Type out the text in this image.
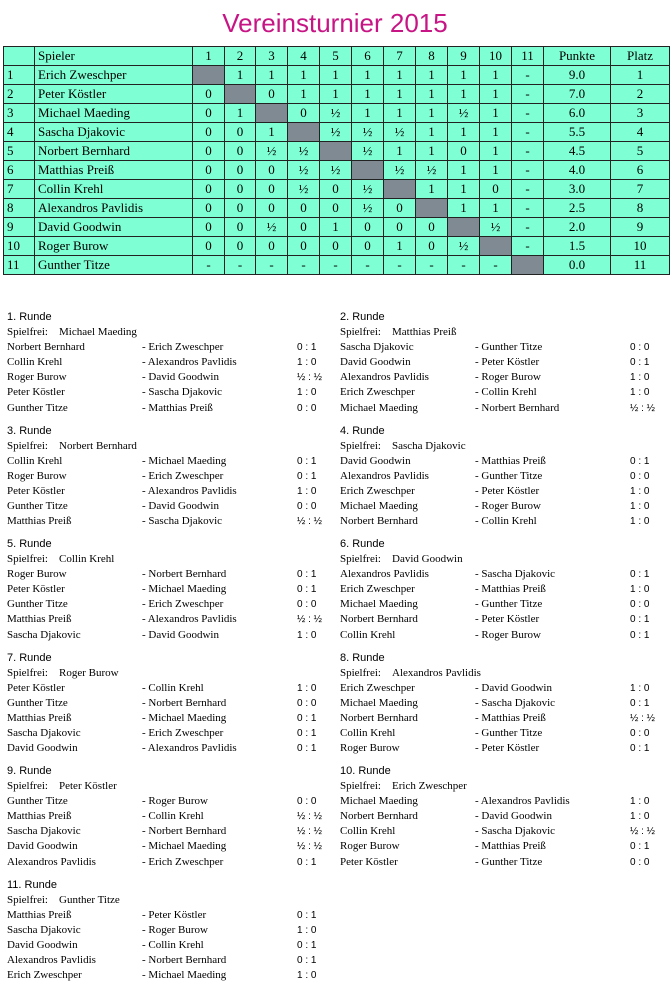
Vereinsturnier 2015
	Spieler	1	2	3	4	5	6	7	8	9	10	11	Punkte	Platz
1	Erich Zweschper		1	1	1	1	1	1	1	1	1	-	9.0	1
2	Peter Köstler	0		0	1	1	1	1	1	1	1	-	7.0	2
3	Michael Maeding	0	1		0	½	1	1	1	½	1	-	6.0	3
4	Sascha Djakovic	0	0	1		½	½	½	1	1	1	-	5.5	4
5	Norbert Bernhard	0	0	½	½		½	1	1	0	1	-	4.5	5
6	Matthias Preiß	0	0	0	½	½		½	½	1	1	-	4.0	6
7	Collin Krehl	0	0	0	½	0	½		1	1	0	-	3.0	7
8	Alexandros Pavlidis	0	0	0	0	0	½	0		1	1	-	2.5	8
9	David Goodwin	0	0	½	0	1	0	0	0		½	-	2.0	9
10	Roger Burow	0	0	0	0	0	0	1	0	½		-	1.5	10
11	Gunther Titze	-	-	-	-	-	-	-	-	-	-		0.0	11
1. Runde
Spielfrei: Michael Maeding
Norbert Bernhard	- Erich Zweschper	0 : 1
Collin Krehl	- Alexandros Pavlidis	1 : 0
Roger Burow	- David Goodwin	½ : ½
Peter Köstler	- Sascha Djakovic	1 : 0
Gunther Titze	- Matthias Preiß	0 : 0
2. Runde
Spielfrei: Matthias Preiß
Sascha Djakovic	- Gunther Titze	0 : 0
David Goodwin	- Peter Köstler	0 : 1
Alexandros Pavlidis	- Roger Burow	1 : 0
Erich Zweschper	- Collin Krehl	1 : 0
Michael Maeding	- Norbert Bernhard	½ : ½
3. Runde
Spielfrei: Norbert Bernhard
Collin Krehl	- Michael Maeding	0 : 1
Roger Burow	- Erich Zweschper	0 : 1
Peter Köstler	- Alexandros Pavlidis	1 : 0
Gunther Titze	- David Goodwin	0 : 0
Matthias Preiß	- Sascha Djakovic	½ : ½
4. Runde
Spielfrei: Sascha Djakovic
David Goodwin	- Matthias Preiß	0 : 1
Alexandros Pavlidis	- Gunther Titze	0 : 0
Erich Zweschper	- Peter Köstler	1 : 0
Michael Maeding	- Roger Burow	1 : 0
Norbert Bernhard	- Collin Krehl	1 : 0
5. Runde
Spielfrei: Collin Krehl
Roger Burow	- Norbert Bernhard	0 : 1
Peter Köstler	- Michael Maeding	0 : 1
Gunther Titze	- Erich Zweschper	0 : 0
Matthias Preiß	- Alexandros Pavlidis	½ : ½
Sascha Djakovic	- David Goodwin	1 : 0
6. Runde
Spielfrei: David Goodwin
Alexandros Pavlidis	- Sascha Djakovic	0 : 1
Erich Zweschper	- Matthias Preiß	1 : 0
Michael Maeding	- Gunther Titze	0 : 0
Norbert Bernhard	- Peter Köstler	0 : 1
Collin Krehl	- Roger Burow	0 : 1
7. Runde
Spielfrei: Roger Burow
Peter Köstler	- Collin Krehl	1 : 0
Gunther Titze	- Norbert Bernhard	0 : 0
Matthias Preiß	- Michael Maeding	0 : 1
Sascha Djakovic	- Erich Zweschper	0 : 1
David Goodwin	- Alexandros Pavlidis	0 : 1
8. Runde
Spielfrei: Alexandros Pavlidis
Erich Zweschper	- David Goodwin	1 : 0
Michael Maeding	- Sascha Djakovic	0 : 1
Norbert Bernhard	- Matthias Preiß	½ : ½
Collin Krehl	- Gunther Titze	0 : 0
Roger Burow	- Peter Köstler	0 : 1
9. Runde
Spielfrei: Peter Köstler
Gunther Titze	- Roger Burow	0 : 0
Matthias Preiß	- Collin Krehl	½ : ½
Sascha Djakovic	- Norbert Bernhard	½ : ½
David Goodwin	- Michael Maeding	½ : ½
Alexandros Pavlidis	- Erich Zweschper	0 : 1
10. Runde
Spielfrei: Erich Zweschper
Michael Maeding	- Alexandros Pavlidis	1 : 0
Norbert Bernhard	- David Goodwin	1 : 0
Collin Krehl	- Sascha Djakovic	½ : ½
Roger Burow	- Matthias Preiß	0 : 1
Peter Köstler	- Gunther Titze	0 : 0
11. Runde
Spielfrei: Gunther Titze
Matthias Preiß	- Peter Köstler	0 : 1
Sascha Djakovic	- Roger Burow	1 : 0
David Goodwin	- Collin Krehl	0 : 1
Alexandros Pavlidis	- Norbert Bernhard	0 : 1
Erich Zweschper	- Michael Maeding	1 : 0
